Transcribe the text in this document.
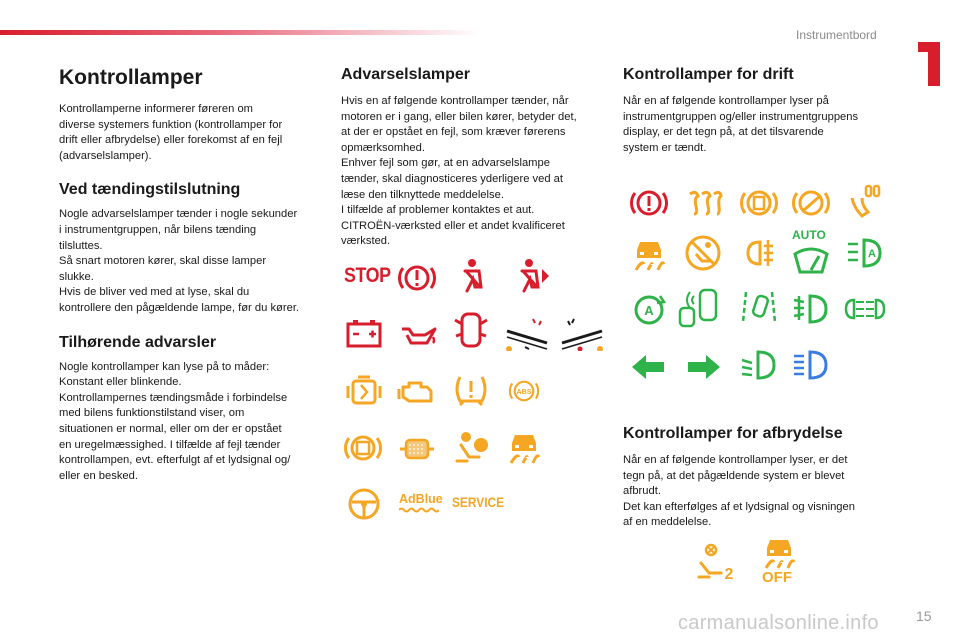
Instrumentbord
Kontrollamper

Kontrollamperne informerer føreren om
diverse systemers funktion (kontrollamper for
drift eller afbrydelse) eller forekomst af en fejl
(advarselslamper).

Ved tændingstilslutning

Nogle advarselslamper tænder i nogle sekunder
i instrumentgruppen, når bilens tænding
tilsluttes.
Så snart motoren kører, skal disse lamper
slukke.
Hvis de bliver ved med at lyse, skal du
kontrollere den pågældende lampe, før du kører.

Tilhørende advarsler

Nogle kontrollamper kan lyse på to måder:
Konstant eller blinkende.
Kontrollampernes tændingsmåde i forbindelse
med bilens funktionstilstand viser, om
situationen er normal, eller om der er opstået
en uregelmæssighed. I tilfælde af fejl tænder
kontrollampen, evt. efterfulgt af et lydsignal og/
eller en besked.

Advarselslamper

Hvis en af følgende kontrollamper tænder, når
motoren er i gang, eller bilen kører, betyder det,
at der er opstået en fejl, som kræver førerens
opmærksomhed.
Enhver fejl som gør, at en advarselslampe
tænder, skal diagnosticeres yderligere ved at
læse den tilknyttede meddelelse.
I tilfælde af problemer kontaktes et aut.
CITROËN-værksted eller et andet kvalificeret
værksted.

Kontrollamper for drift

Når en af følgende kontrollamper lyser på
instrumentgruppen og/eller instrumentgruppens
display, er det tegn på, at det tilsvarende
system er tændt.

Kontrollamper for afbrydelse

Når en af følgende kontrollamper lyser, er det
tegn på, at det pågældende system er blevet
afbrudt.
Det kan efterfølges af et lydsignal og visningen
af en meddelelse.

STOP
ABS
AdBlue SERVICE
AUTO
A
A
2 OFF
15
carmanualsonline.info
